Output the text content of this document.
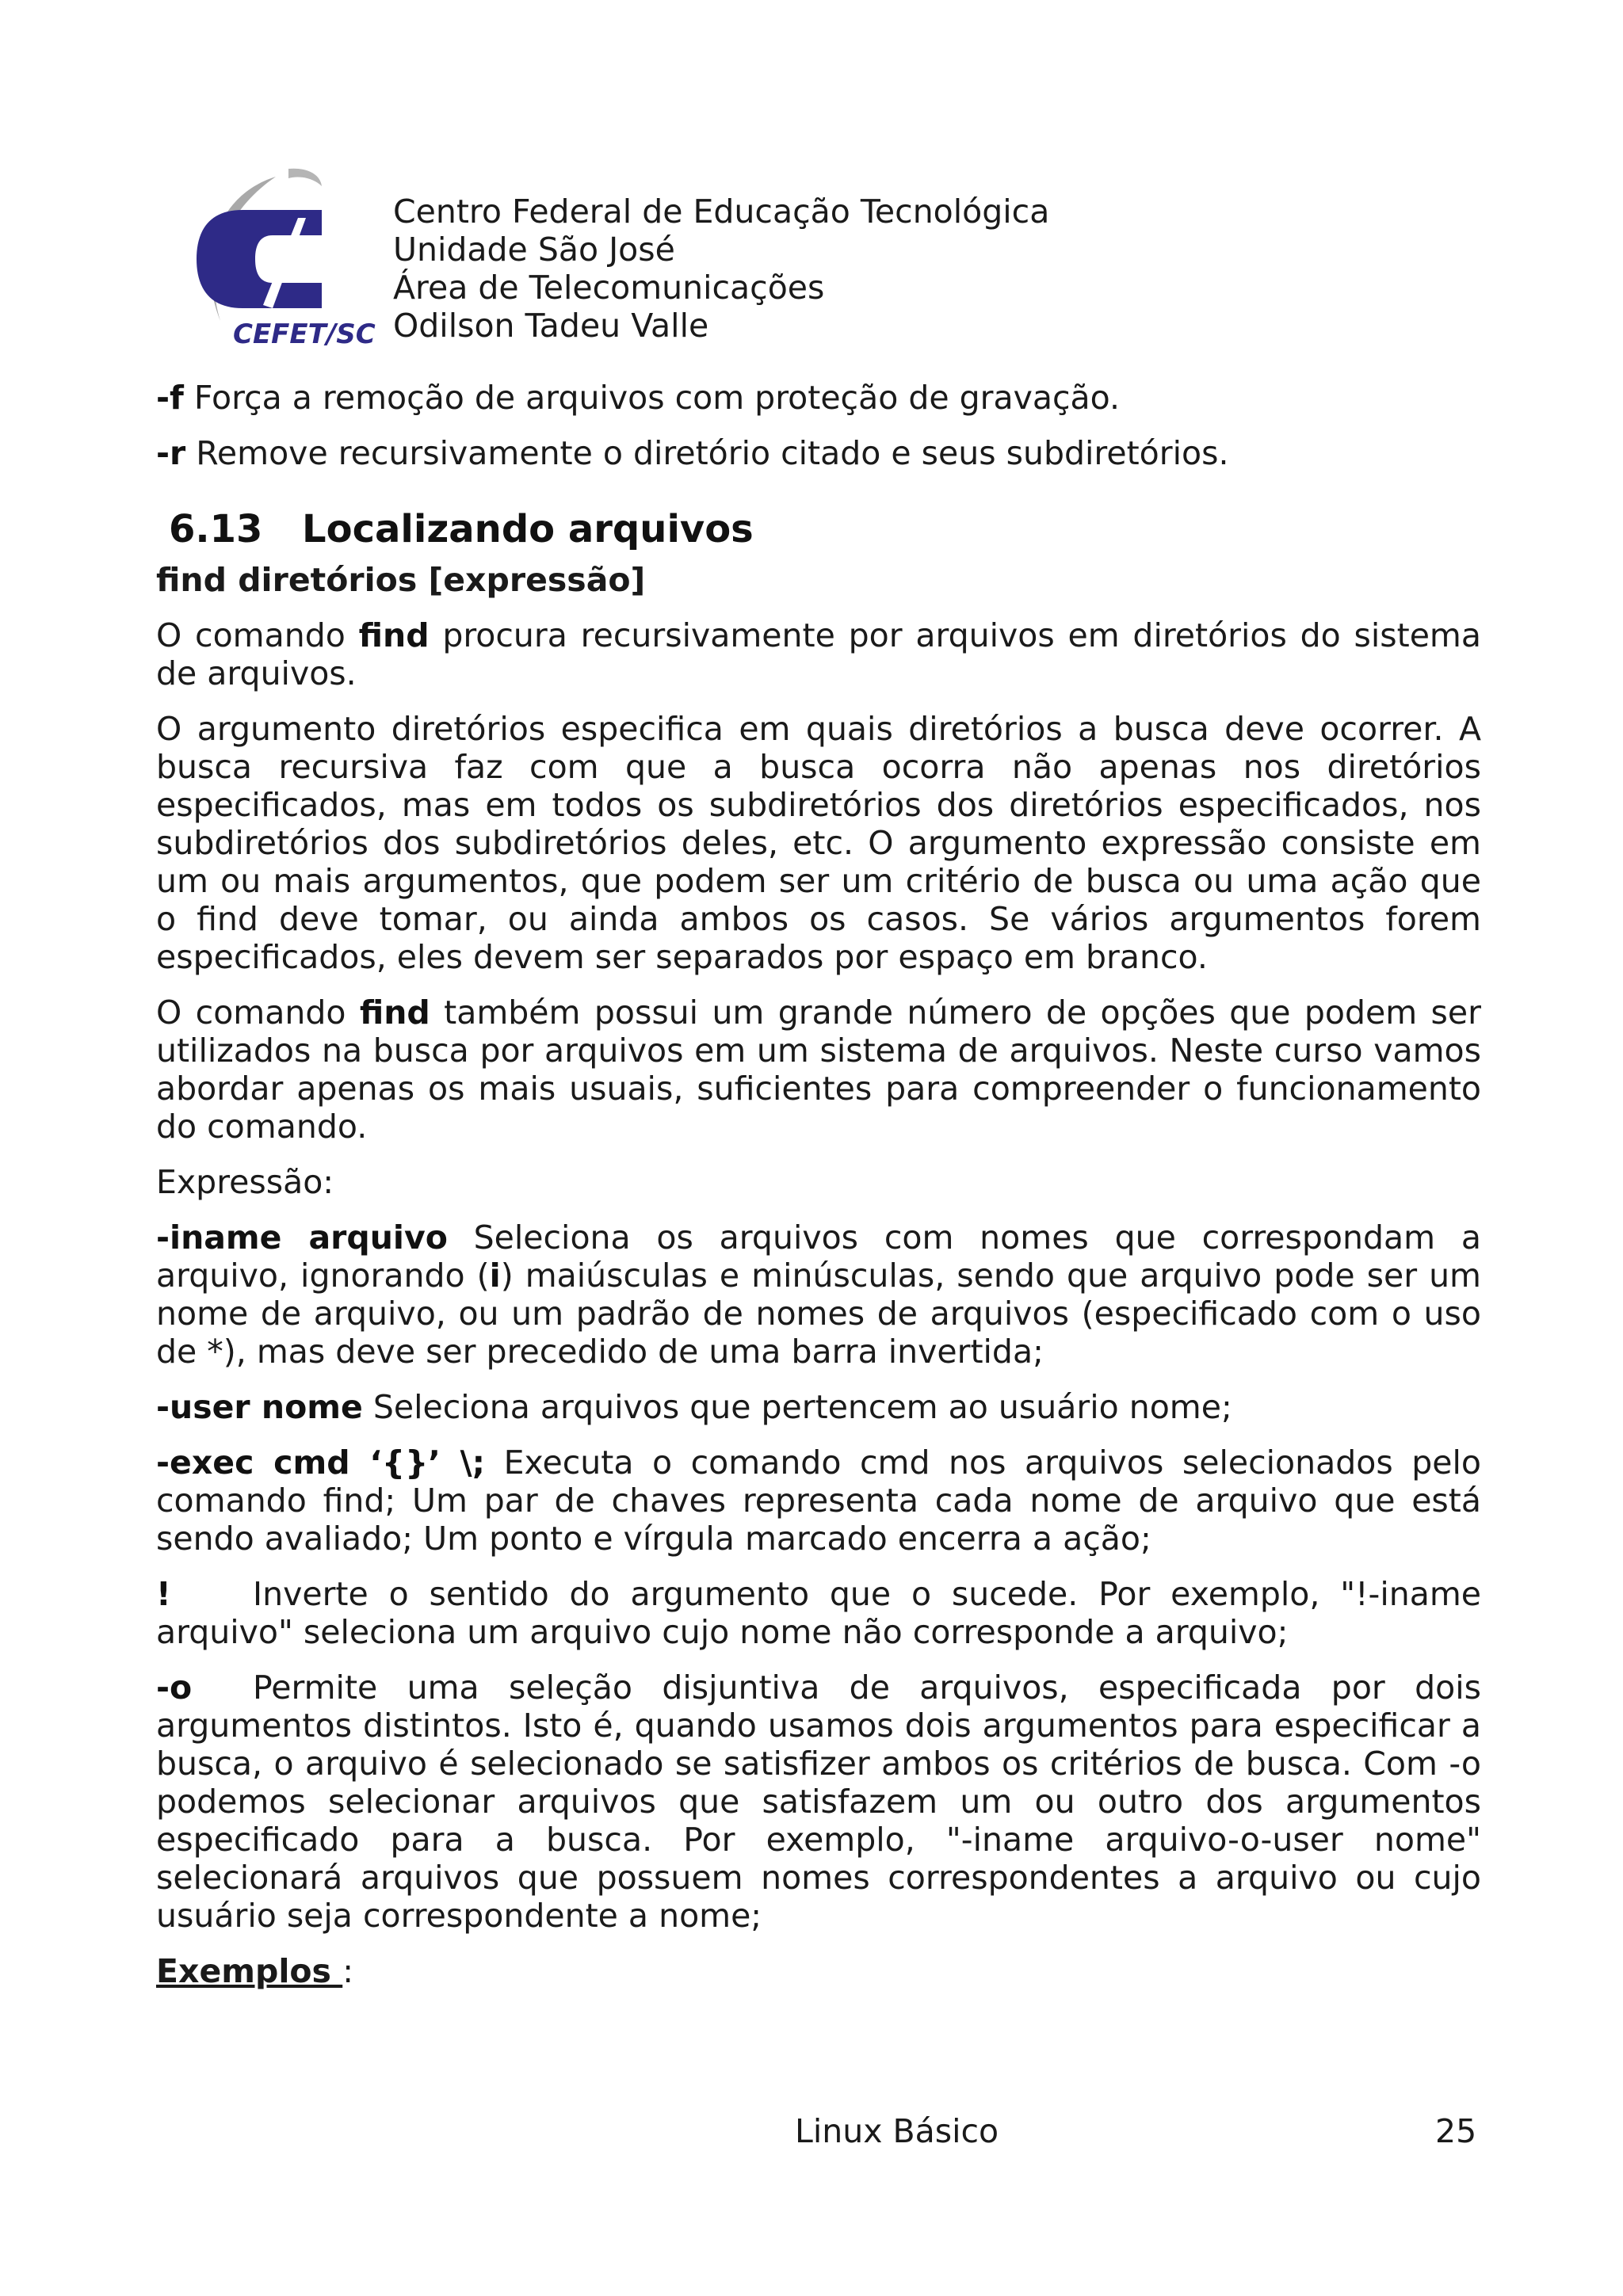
CEFET/SC
Centro Federal de Educação Tecnológica
Unidade São José
Área de Telecomunicações
Odilson Tadeu Valle

-f Força a remoção de arquivos com proteção de gravação.

-r Remove recursivamente o diretório citado e seus subdiretórios.

6.13 Localizando arquivos

find diretórios [expressão]

O comando find procura recursivamente por arquivos em diretórios do sistema de arquivos.

O argumento diretórios especifica em quais diretórios a busca deve ocorrer. A busca recursiva faz com que a busca ocorra não apenas nos diretórios especificados, mas em todos os subdiretórios dos diretórios especificados, nos subdiretórios dos subdiretórios deles, etc. O argumento expressão consiste em um ou mais argumentos, que podem ser um critério de busca ou uma ação que o find deve tomar, ou ainda ambos os casos. Se vários argumentos forem especificados, eles devem ser separados por espaço em branco.

O comando find também possui um grande número de opções que podem ser utilizados na busca por arquivos em um sistema de arquivos. Neste curso vamos abordar apenas os mais usuais, suficientes para compreender o funcionamento do comando.

Expressão:

-iname arquivo Seleciona os arquivos com nomes que correspondam a arquivo, ignorando (i) maiúsculas e minúsculas, sendo que arquivo pode ser um nome de arquivo, ou um padrão de nomes de arquivos (especificado com o uso de *), mas deve ser precedido de uma barra invertida;

-user nome Seleciona arquivos que pertencem ao usuário nome;

-exec cmd ‘{}’ \; Executa o comando cmd nos arquivos selecionados pelo comando find; Um par de chaves representa cada nome de arquivo que está sendo avaliado; Um ponto e vírgula marcado encerra a ação;

!	Inverte o sentido do argumento que o sucede. Por exemplo, "!-iname arquivo" seleciona um arquivo cujo nome não corresponde a arquivo;

-o Permite uma seleção disjuntiva de arquivos, especificada por dois argumentos distintos. Isto é, quando usamos dois argumentos para especificar a busca, o arquivo é selecionado se satisfizer ambos os critérios de busca. Com -o podemos selecionar arquivos que satisfazem um ou outro dos argumentos especificado para a busca. Por exemplo, "-iname arquivo-o-user nome" selecionará arquivos que possuem nomes correspondentes a arquivo ou cujo usuário seja correspondente a nome;

Exemplos :

Linux Básico	25
